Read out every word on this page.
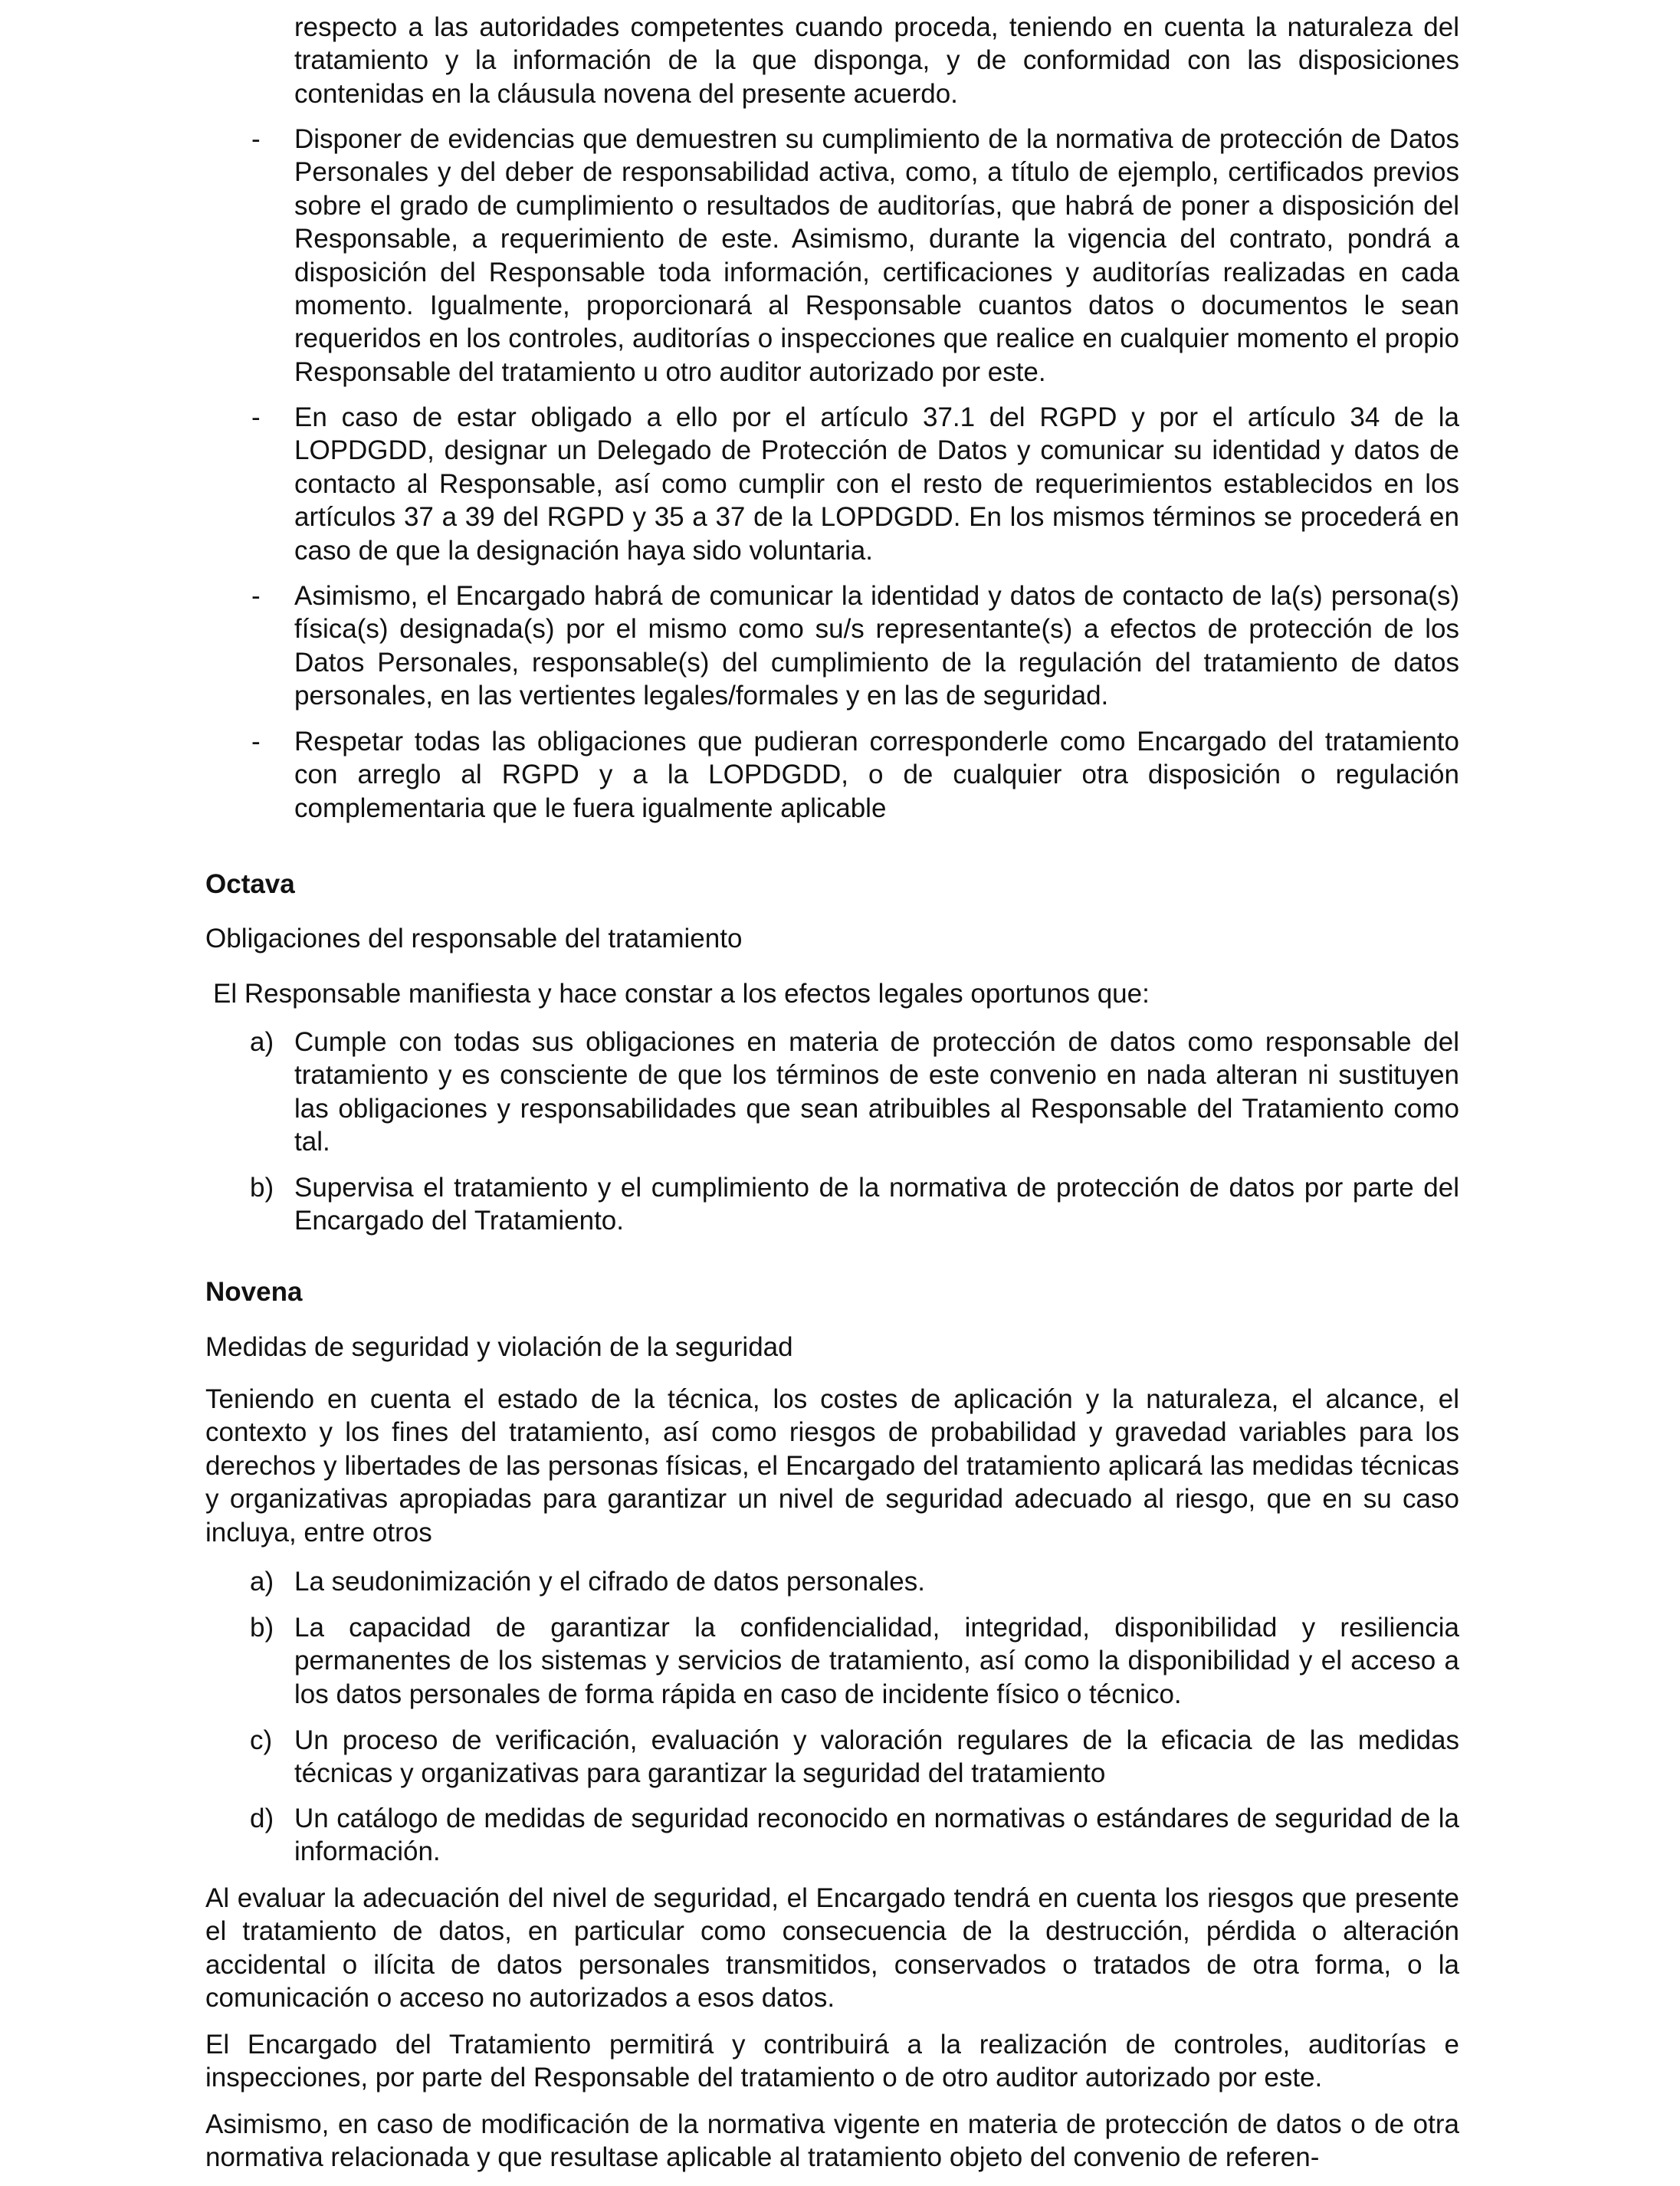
respecto a las autoridades competentes cuando proceda, teniendo en cuenta la naturaleza del tratamiento y la información de la que disponga, y de conformidad con las disposiciones contenidas en la cláusula novena del presente acuerdo.
- Disponer de evidencias que demuestren su cumplimiento de la normativa de protección de Datos Personales y del deber de responsabilidad activa, como, a título de ejemplo, certificados previos sobre el grado de cumplimiento o resultados de auditorías, que habrá de poner a disposición del Responsable, a requerimiento de este. Asimismo, durante la vigencia del contrato, pondrá a disposición del Responsable toda información, certificaciones y auditorías realizadas en cada momento. Igualmente, proporcionará al Responsable cuantos datos o documentos le sean requeridos en los controles, auditorías o inspecciones que realice en cualquier momento el propio Responsable del tratamiento u otro auditor autorizado por este.
- En caso de estar obligado a ello por el artículo 37.1 del RGPD y por el artículo 34 de la LOPDGDD, designar un Delegado de Protección de Datos y comunicar su identidad y datos de contacto al Responsable, así como cumplir con el resto de requerimientos establecidos en los artículos 37 a 39 del RGPD y 35 a 37 de la LOPDGDD. En los mismos términos se procederá en caso de que la designación haya sido voluntaria.
- Asimismo, el Encargado habrá de comunicar la identidad y datos de contacto de la(s) persona(s) física(s) designada(s) por el mismo como su/s representante(s) a efectos de protección de los Datos Personales, responsable(s) del cumplimiento de la regulación del tratamiento de datos personales, en las vertientes legales/formales y en las de seguridad.
- Respetar todas las obligaciones que pudieran corresponderle como Encargado del tratamiento con arreglo al RGPD y a la LOPDGDD, o de cualquier otra disposición o regulación complementaria que le fuera igualmente aplicable
Octava
Obligaciones del responsable del tratamiento
El Responsable manifiesta y hace constar a los efectos legales oportunos que:
a) Cumple con todas sus obligaciones en materia de protección de datos como responsable del tratamiento y es consciente de que los términos de este convenio en nada alteran ni sustituyen las obligaciones y responsabilidades que sean atribuibles al Responsable del Tratamiento como tal.
b) Supervisa el tratamiento y el cumplimiento de la normativa de protección de datos por parte del Encargado del Tratamiento.
Novena
Medidas de seguridad y violación de la seguridad
Teniendo en cuenta el estado de la técnica, los costes de aplicación y la naturaleza, el alcance, el contexto y los fines del tratamiento, así como riesgos de probabilidad y gravedad variables para los derechos y libertades de las personas físicas, el Encargado del tratamiento aplicará las medidas técnicas y organizativas apropiadas para garantizar un nivel de seguridad adecuado al riesgo, que en su caso incluya, entre otros
a) La seudonimización y el cifrado de datos personales.
b) La capacidad de garantizar la confidencialidad, integridad, disponibilidad y resiliencia permanentes de los sistemas y servicios de tratamiento, así como la disponibilidad y el acceso a los datos personales de forma rápida en caso de incidente físico o técnico.
c) Un proceso de verificación, evaluación y valoración regulares de la eficacia de las medidas técnicas y organizativas para garantizar la seguridad del tratamiento
d) Un catálogo de medidas de seguridad reconocido en normativas o estándares de seguridad de la información.
Al evaluar la adecuación del nivel de seguridad, el Encargado tendrá en cuenta los riesgos que presente el tratamiento de datos, en particular como consecuencia de la destrucción, pérdida o alteración accidental o ilícita de datos personales transmitidos, conservados o tratados de otra forma, o la comunicación o acceso no autorizados a esos datos.
El Encargado del Tratamiento permitirá y contribuirá a la realización de controles, auditorías e inspecciones, por parte del Responsable del tratamiento o de otro auditor autorizado por este.
Asimismo, en caso de modificación de la normativa vigente en materia de protección de datos o de otra normativa relacionada y que resultase aplicable al tratamiento objeto del convenio de referen-
